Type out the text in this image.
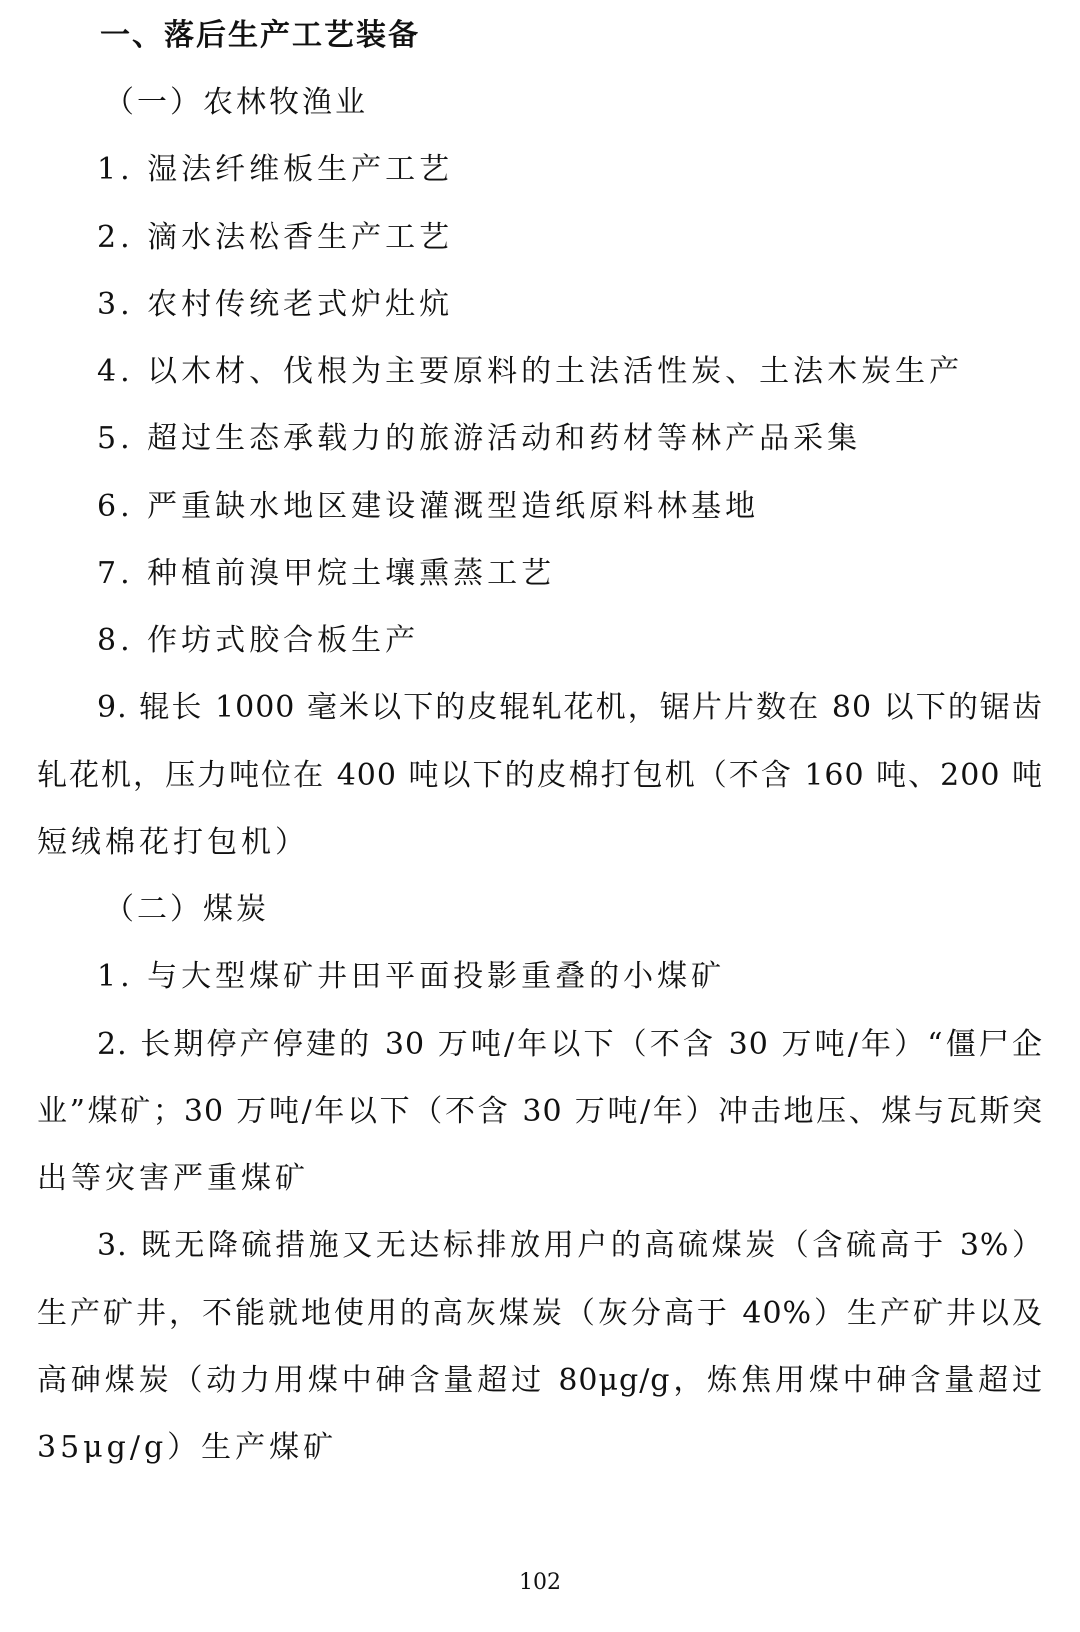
一、落后生产工艺装备
（一）农林牧渔业
1. 湿法纤维板生产工艺
2. 滴水法松香生产工艺
3. 农村传统老式炉灶炕
4. 以木材、伐根为主要原料的土法活性炭、土法木炭生产
5. 超过生态承载力的旅游活动和药材等林产品采集
6. 严重缺水地区建设灌溉型造纸原料林基地
7. 种植前溴甲烷土壤熏蒸工艺
8. 作坊式胶合板生产
9. 辊长 1000 毫米以下的皮辊轧花机，锯片片数在 80 以下的锯齿
轧花机，压力吨位在 400 吨以下的皮棉打包机（不含 160 吨、200 吨
短绒棉花打包机）
（二）煤炭
1. 与大型煤矿井田平面投影重叠的小煤矿
2. 长期停产停建的 30 万吨/年以下（不含 30 万吨/年）“僵尸企
业”煤矿；30 万吨/年以下（不含 30 万吨/年）冲击地压、煤与瓦斯突
出等灾害严重煤矿
3. 既无降硫措施又无达标排放用户的高硫煤炭（含硫高于 3%）
生产矿井，不能就地使用的高灰煤炭（灰分高于 40%）生产矿井以及
高砷煤炭（动力用煤中砷含量超过 80μg/g，炼焦用煤中砷含量超过
35μg/g）生产煤矿
102
